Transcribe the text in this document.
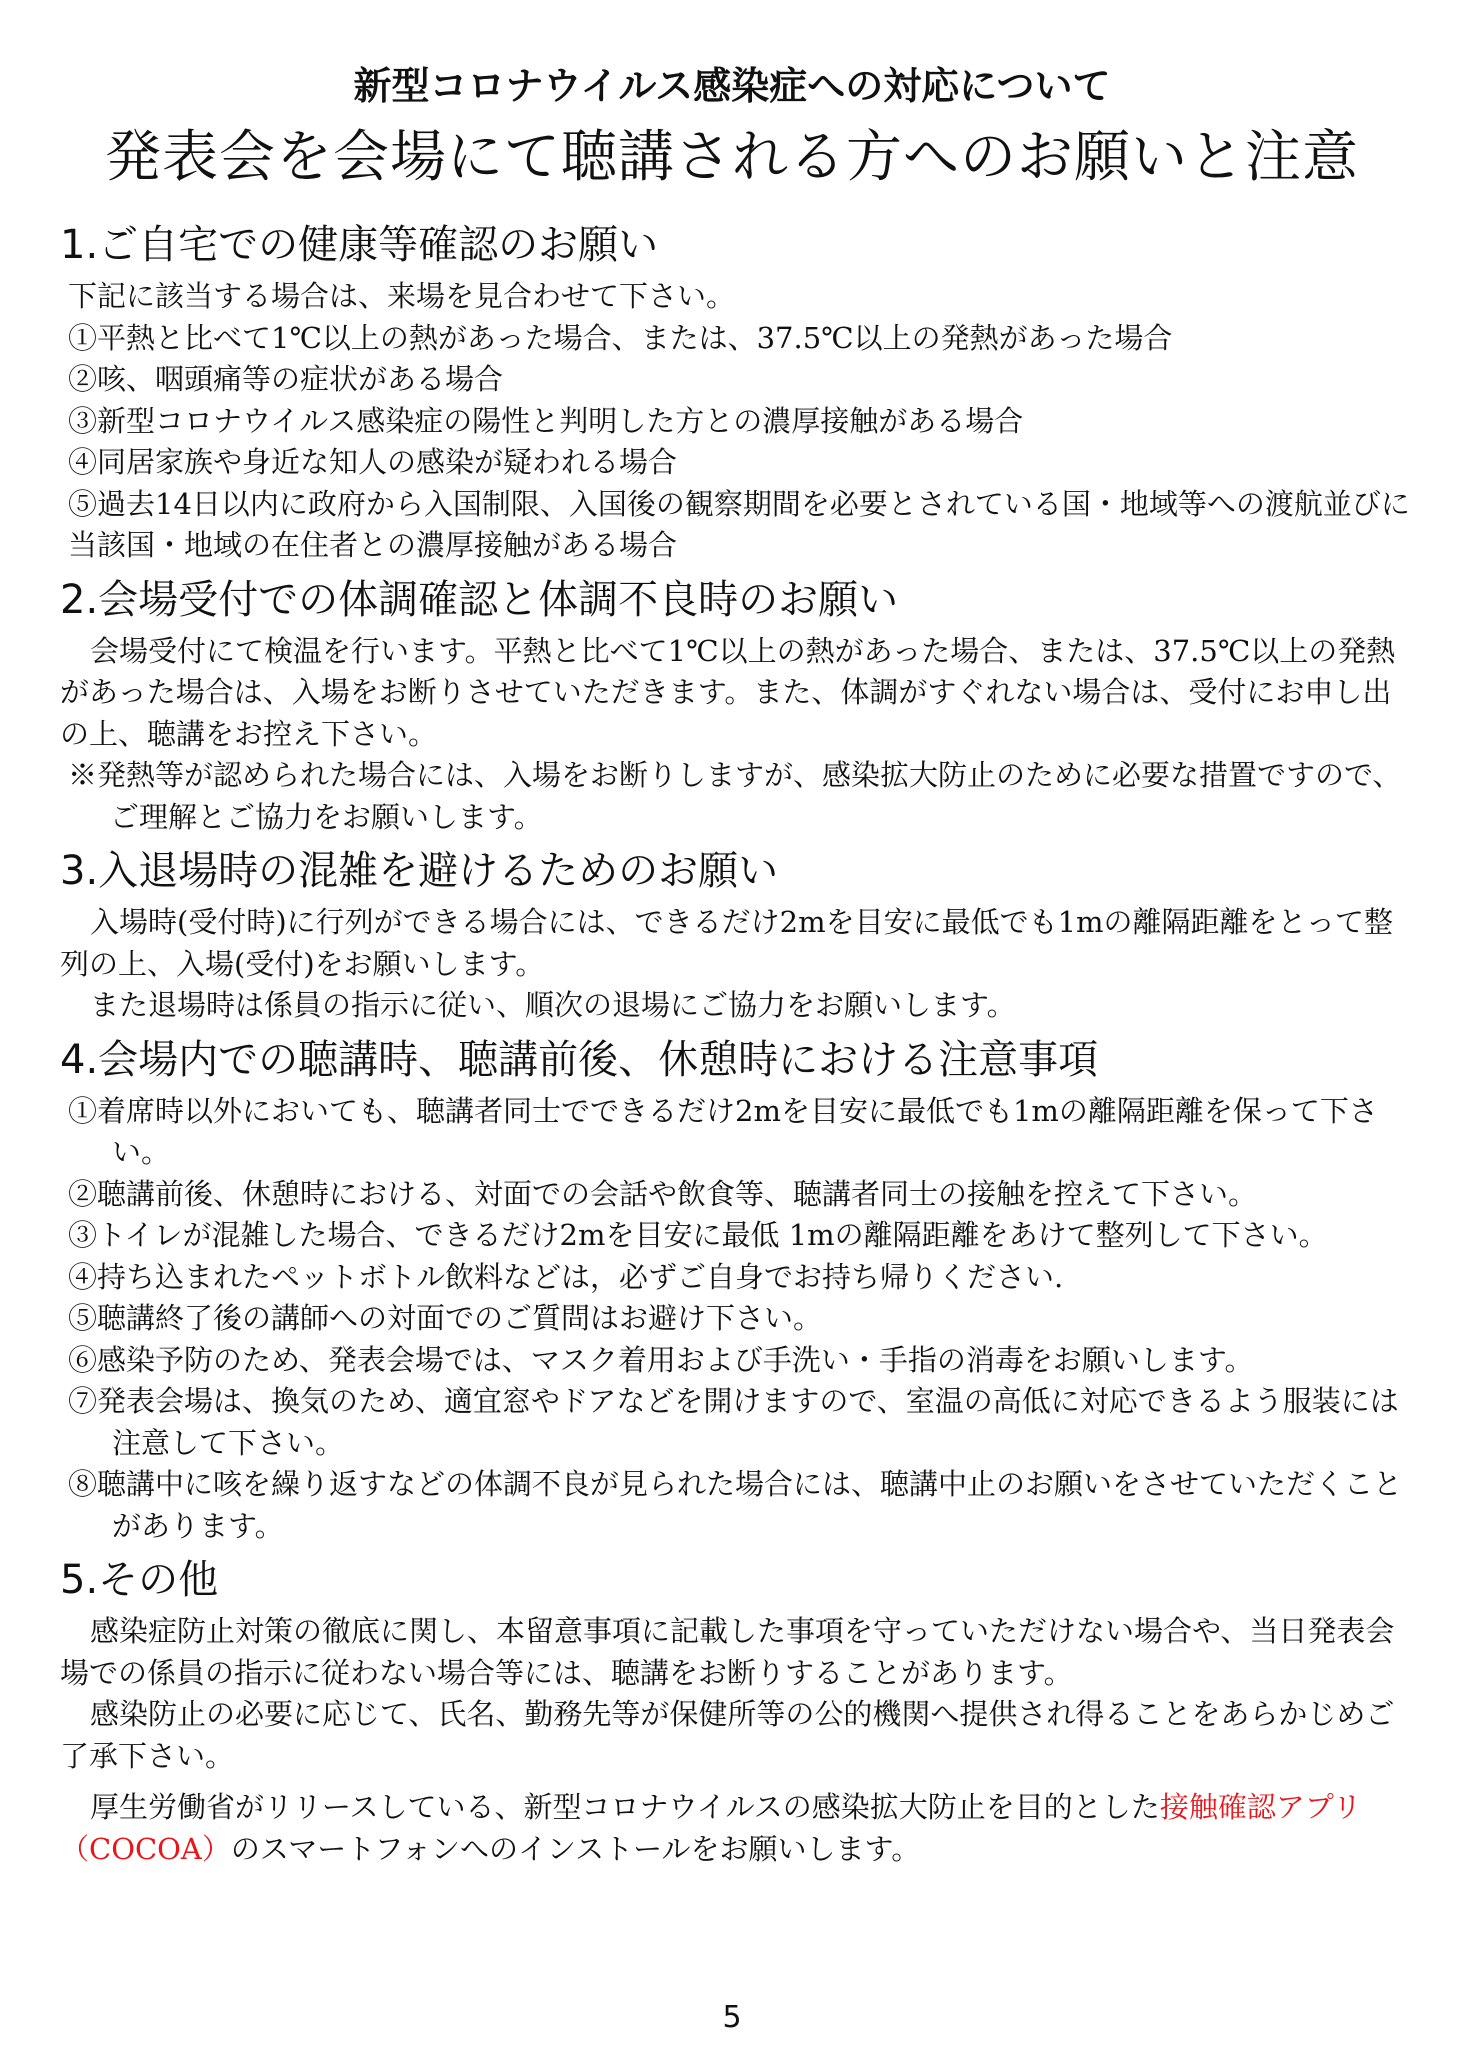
新型コロナウイルス感染症への対応について
発表会を会場にて聴講される方へのお願いと注意
1.ご自宅での健康等確認のお願い

下記に該当する場合は、来場を見合わせて下さい。

①平熱と比べて1℃以上の熱があった場合、または、37.5℃以上の発熱があった場合

②咳、咽頭痛等の症状がある場合

③新型コロナウイルス感染症の陽性と判明した方との濃厚接触がある場合

④同居家族や身近な知人の感染が疑われる場合

⑤過去14日以内に政府から入国制限、入国後の観察期間を必要とされている国・地域等への渡航並びに当該国・地域の在住者との濃厚接触がある場合

2.会場受付での体調確認と体調不良時のお願い

会場受付にて検温を行います。平熱と比べて1℃以上の熱があった場合、または、37.5℃以上の発熱があった場合は、入場をお断りさせていただきます。また、体調がすぐれない場合は、受付にお申し出の上、聴講をお控え下さい。

※発熱等が認められた場合には、入場をお断りしますが、感染拡大防止のために必要な措置ですので、ご理解とご協力をお願いします。

3.入退場時の混雑を避けるためのお願い

入場時(受付時)に行列ができる場合には、できるだけ2mを目安に最低でも1mの離隔距離をとって整列の上、入場(受付)をお願いします。

また退場時は係員の指示に従い、順次の退場にご協力をお願いします。

4.会場内での聴講時、聴講前後、休憩時における注意事項

①着席時以外においても、聴講者同士でできるだけ2mを目安に最低でも1mの離隔距離を保って下さい。

②聴講前後、休憩時における、対面での会話や飲食等、聴講者同士の接触を控えて下さい。

③トイレが混雑した場合、できるだけ2mを目安に最低 1mの離隔距離をあけて整列して下さい。

④持ち込まれたペットボトル飲料などは，必ずご自身でお持ち帰りください.

⑤聴講終了後の講師への対面でのご質問はお避け下さい。

⑥感染予防のため、発表会場では、マスク着用および手洗い・手指の消毒をお願いします。

⑦発表会場は、換気のため、適宜窓やドアなどを開けますので、室温の高低に対応できるよう服装には注意して下さい。

⑧聴講中に咳を繰り返すなどの体調不良が見られた場合には、聴講中止のお願いをさせていただくことがあります。

5.その他

感染症防止対策の徹底に関し、本留意事項に記載した事項を守っていただけない場合や、当日発表会場での係員の指示に従わない場合等には、聴講をお断りすることがあります。

感染防止の必要に応じて、氏名、勤務先等が保健所等の公的機関へ提供され得ることをあらかじめご了承下さい。

厚生労働省がリリースしている、新型コロナウイルスの感染拡大防止を目的とした接触確認アプリ（COCOA）のスマートフォンへのインストールをお願いします。

5
